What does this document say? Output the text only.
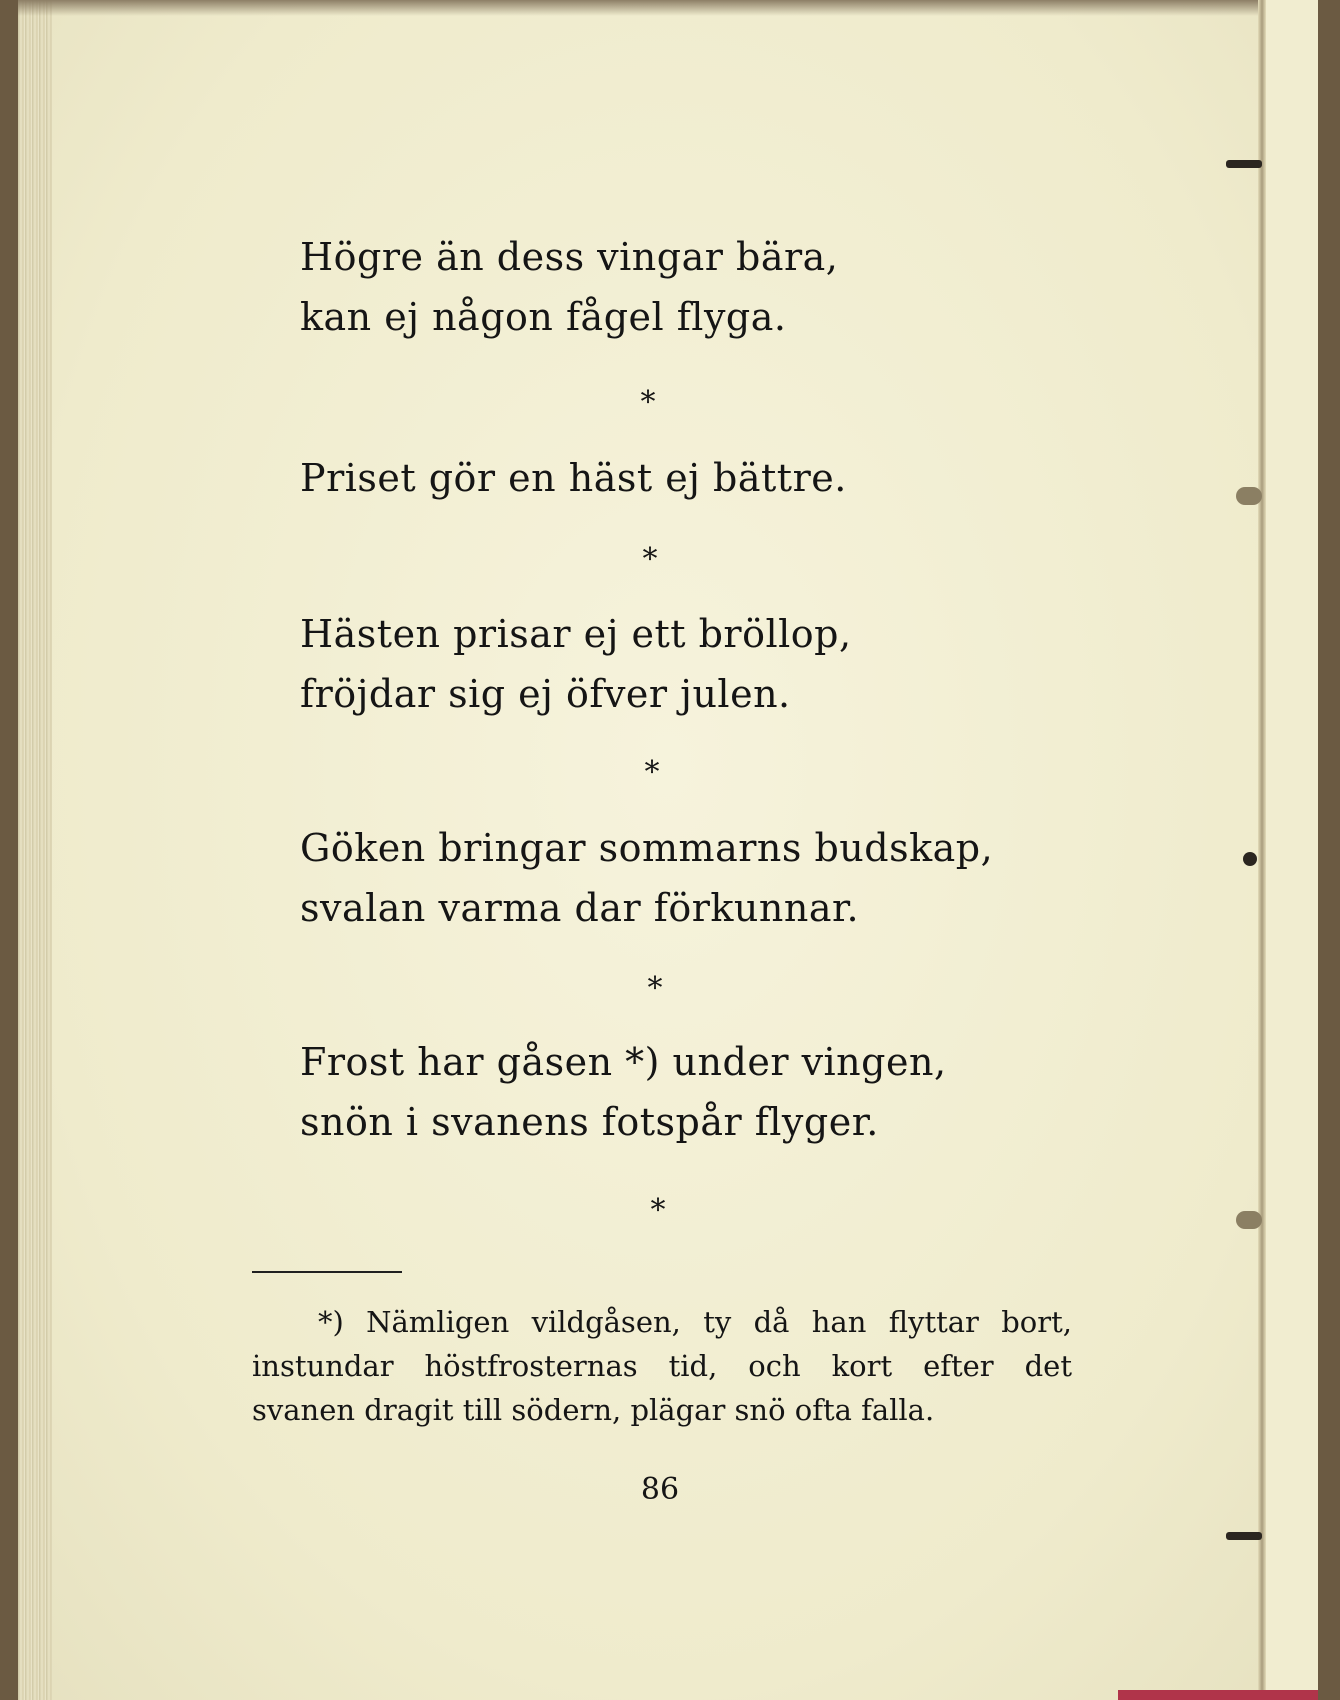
Högre än dess vingar bära,
kan ej någon fågel flyga.
*
Priset gör en häst ej bättre.
*
Hästen prisar ej ett bröllop,
fröjdar sig ej öfver julen.
*
Göken bringar sommarns budskap,
svalan varma dar förkunnar.
*
Frost har gåsen *) under vingen,
snön i svanens fotspår flyger.
*
*) Nämligen vildgåsen, ty då han flyttar bort,
instundar höstfrosternas tid, och kort efter det
svanen dragit till södern, plägar snö ofta falla.
86
